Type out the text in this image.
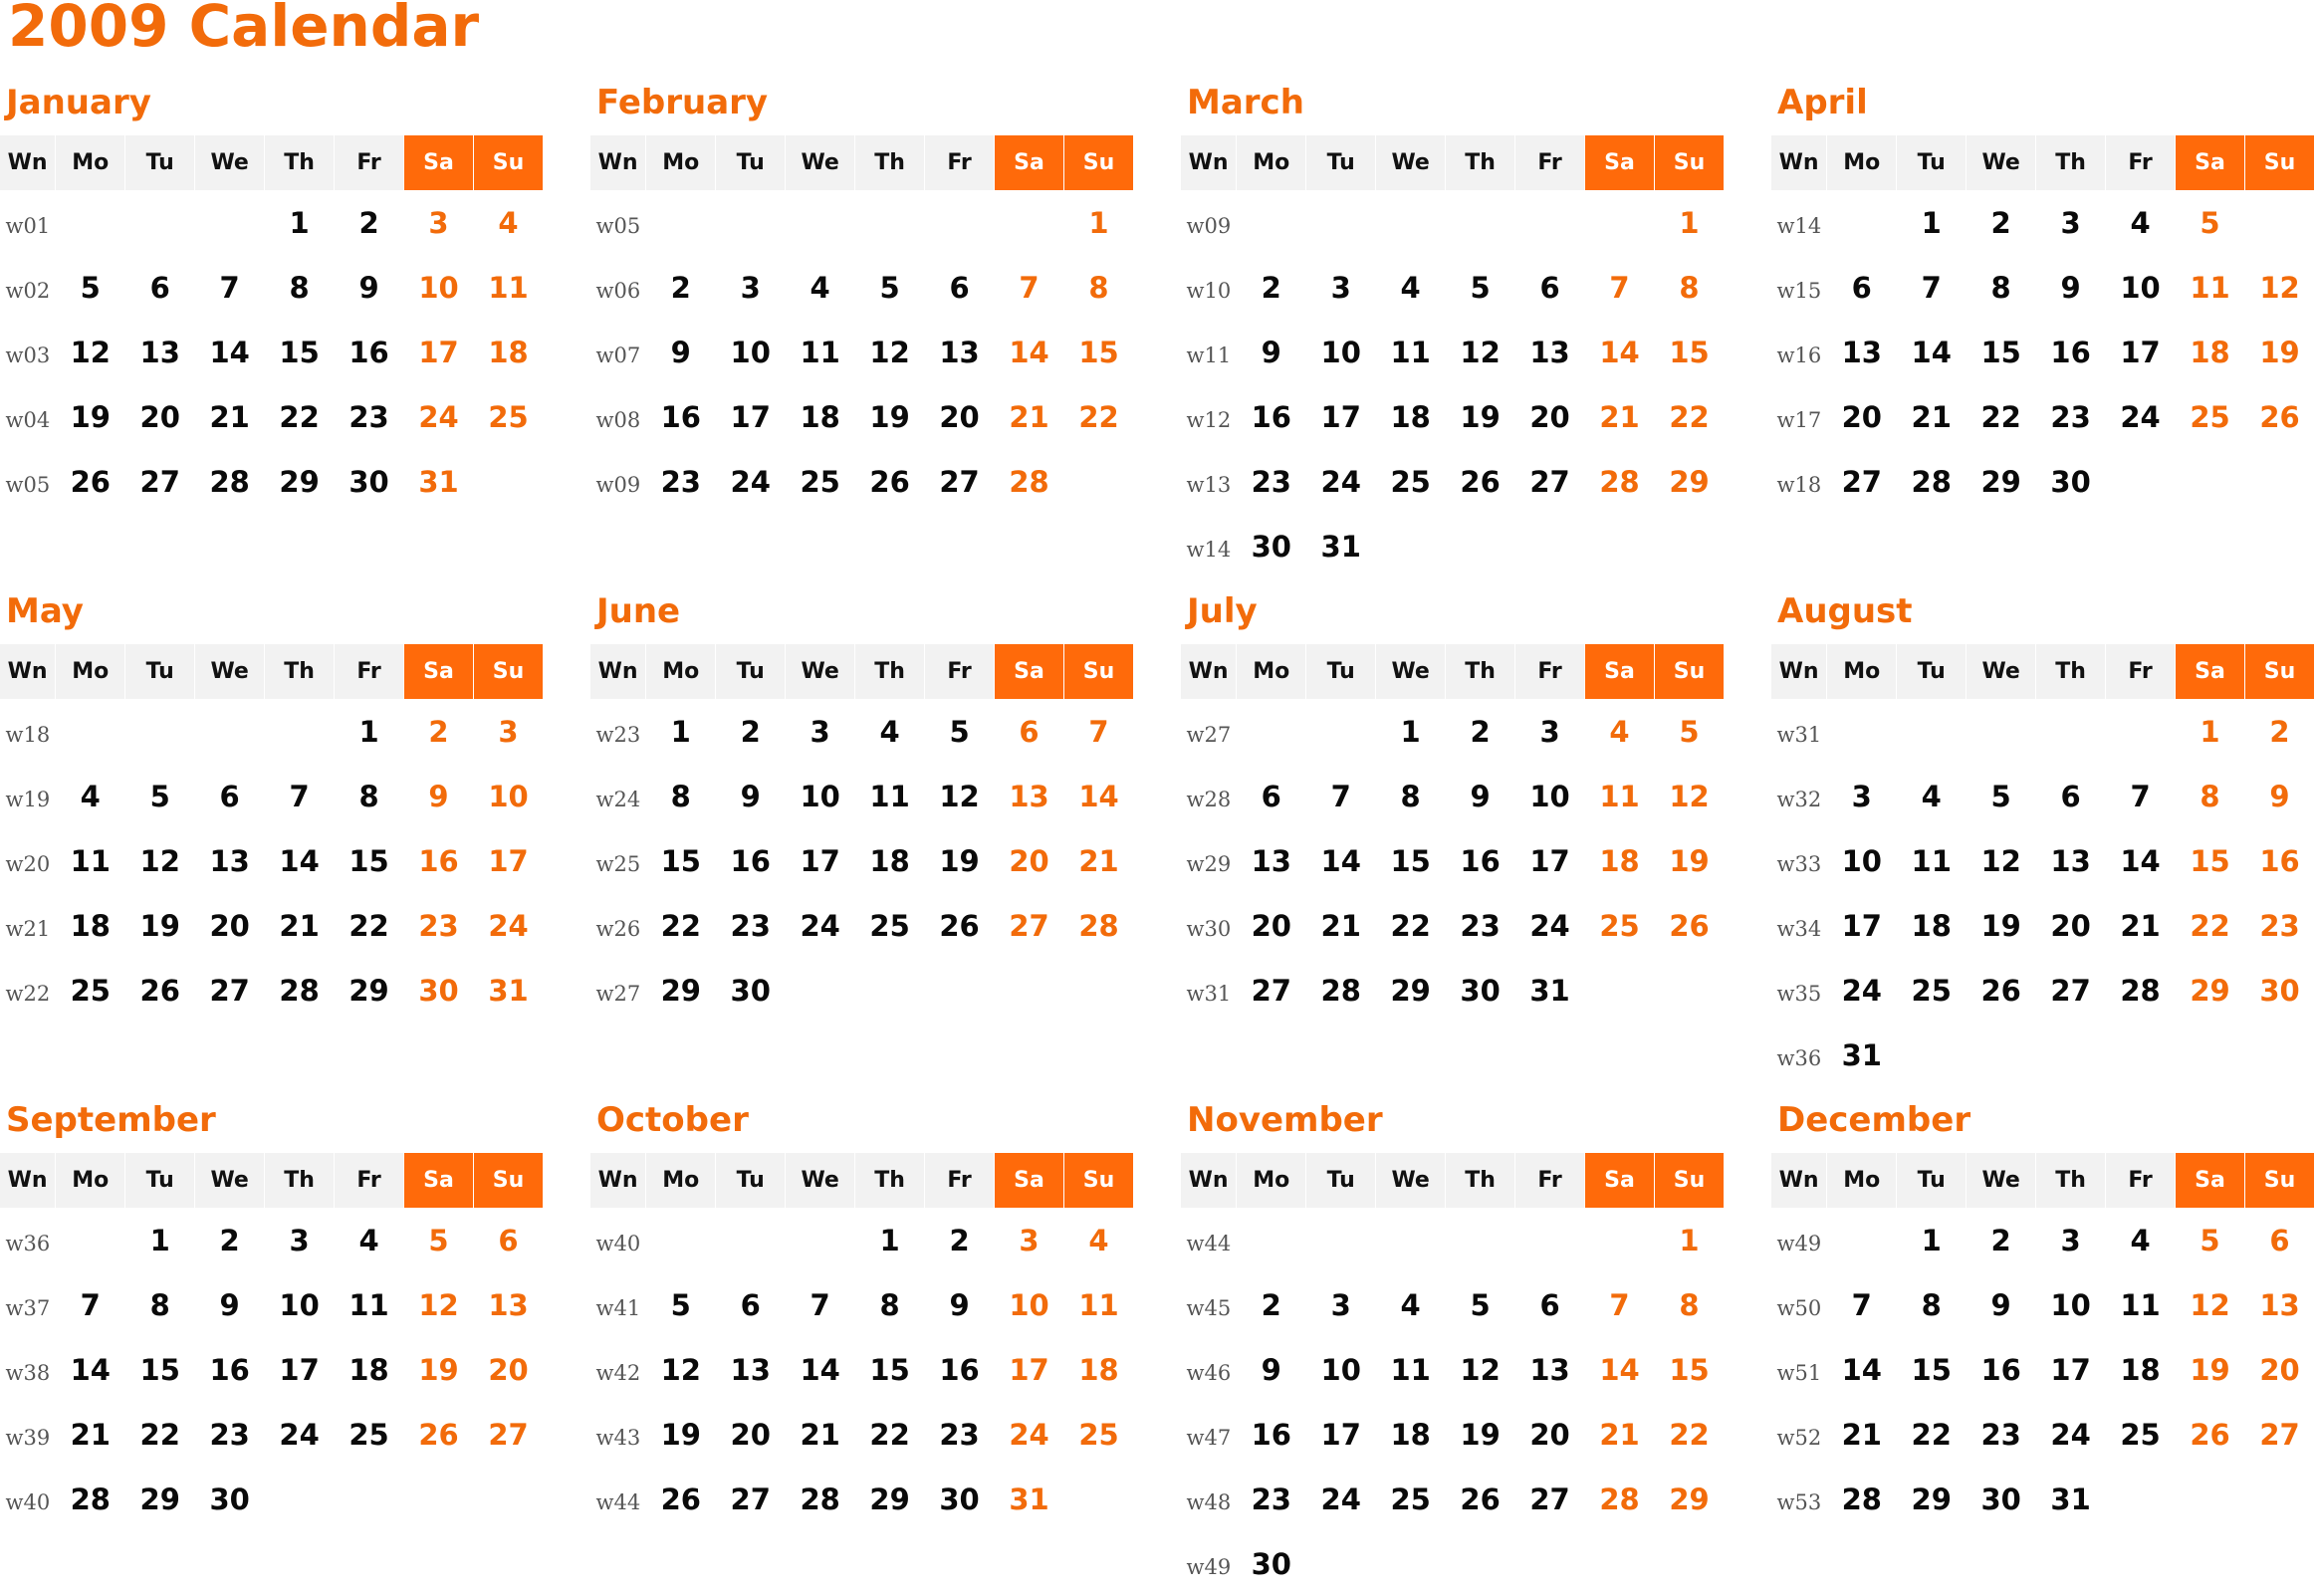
2009 Calendar
January
Wn	Mo	Tu	We	Th	Fr	Sa	Su
w01				1	2	3	4
w02	5	6	7	8	9	10	11
w03	12	13	14	15	16	17	18
w04	19	20	21	22	23	24	25
w05	26	27	28	29	30	31	
February
Wn	Mo	Tu	We	Th	Fr	Sa	Su
w05							1
w06	2	3	4	5	6	7	8
w07	9	10	11	12	13	14	15
w08	16	17	18	19	20	21	22
w09	23	24	25	26	27	28	
March
Wn	Mo	Tu	We	Th	Fr	Sa	Su
w09							1
w10	2	3	4	5	6	7	8
w11	9	10	11	12	13	14	15
w12	16	17	18	19	20	21	22
w13	23	24	25	26	27	28	29
w14	30	31					
April
Wn	Mo	Tu	We	Th	Fr	Sa	Su
w14		1	2	3	4	5	
w15	6	7	8	9	10	11	12
w16	13	14	15	16	17	18	19
w17	20	21	22	23	24	25	26
w18	27	28	29	30			
May
Wn	Mo	Tu	We	Th	Fr	Sa	Su
w18					1	2	3
w19	4	5	6	7	8	9	10
w20	11	12	13	14	15	16	17
w21	18	19	20	21	22	23	24
w22	25	26	27	28	29	30	31
June
Wn	Mo	Tu	We	Th	Fr	Sa	Su
w23	1	2	3	4	5	6	7
w24	8	9	10	11	12	13	14
w25	15	16	17	18	19	20	21
w26	22	23	24	25	26	27	28
w27	29	30					
July
Wn	Mo	Tu	We	Th	Fr	Sa	Su
w27			1	2	3	4	5
w28	6	7	8	9	10	11	12
w29	13	14	15	16	17	18	19
w30	20	21	22	23	24	25	26
w31	27	28	29	30	31		
August
Wn	Mo	Tu	We	Th	Fr	Sa	Su
w31						1	2
w32	3	4	5	6	7	8	9
w33	10	11	12	13	14	15	16
w34	17	18	19	20	21	22	23
w35	24	25	26	27	28	29	30
w36	31						
September
Wn	Mo	Tu	We	Th	Fr	Sa	Su
w36		1	2	3	4	5	6
w37	7	8	9	10	11	12	13
w38	14	15	16	17	18	19	20
w39	21	22	23	24	25	26	27
w40	28	29	30				
October
Wn	Mo	Tu	We	Th	Fr	Sa	Su
w40				1	2	3	4
w41	5	6	7	8	9	10	11
w42	12	13	14	15	16	17	18
w43	19	20	21	22	23	24	25
w44	26	27	28	29	30	31	
November
Wn	Mo	Tu	We	Th	Fr	Sa	Su
w44							1
w45	2	3	4	5	6	7	8
w46	9	10	11	12	13	14	15
w47	16	17	18	19	20	21	22
w48	23	24	25	26	27	28	29
w49	30						
December
Wn	Mo	Tu	We	Th	Fr	Sa	Su
w49		1	2	3	4	5	6
w50	7	8	9	10	11	12	13
w51	14	15	16	17	18	19	20
w52	21	22	23	24	25	26	27
w53	28	29	30	31			
